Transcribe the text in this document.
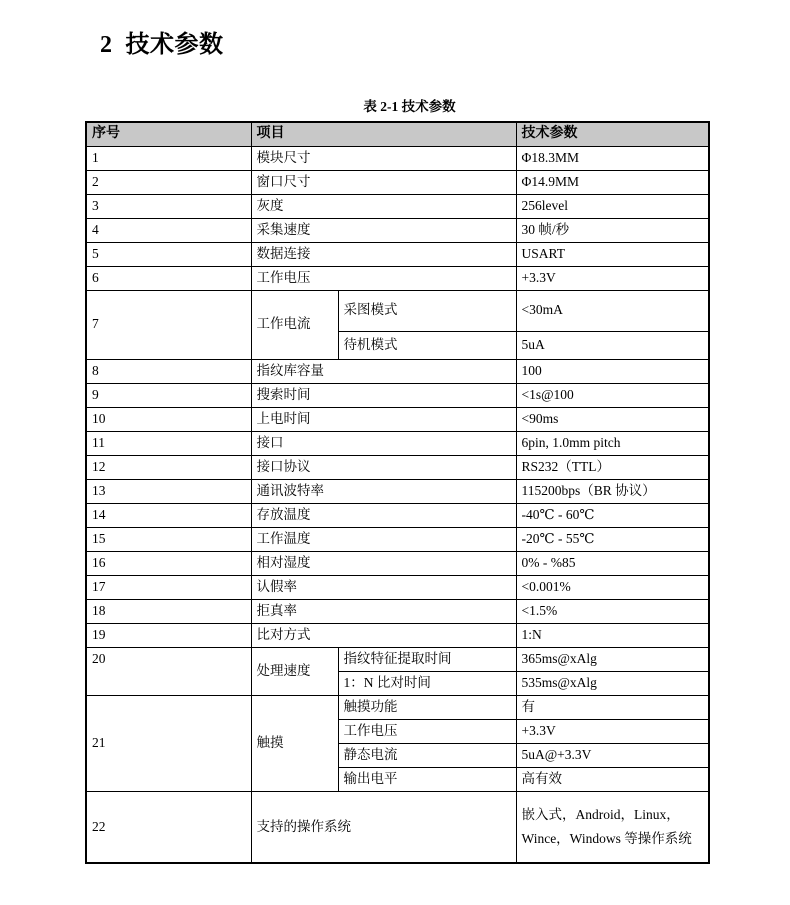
2  技术参数
表 2-1 技术参数
序号	项目		技术参数
1	模块尺寸		Φ18.3MM
2	窗口尺寸		Φ14.9MM
3	灰度		256level
4	采集速度		30 帧/秒
5	数据连接		USART
6	工作电压		+3.3V
7	工作电流	采图模式	<30mA
		待机模式	5uA
8	指纹库容量		100
9	搜索时间		<1s@100
10	上电时间		<90ms
11	接口		6pin, 1.0mm pitch
12	接口协议		RS232（TTL）
13	通讯波特率		115200bps（BR 协议）
14	存放温度		-40℃ - 60℃
15	工作温度		-20℃ - 55℃
16	相对湿度		0% - %85
17	认假率		<0.001%
18	拒真率		<1.5%
19	比对方式		1:N
20	处理速度	指纹特征提取时间	365ms@xAlg
		1：N 比对时间	535ms@xAlg
21	触摸	触摸功能	有
		工作电压	+3.3V
		静态电流	5uA@+3.3V
		输出电平	高有效
22	支持的操作系统		嵌入式，Android，Linux，Wince，Windows 等操作系统
